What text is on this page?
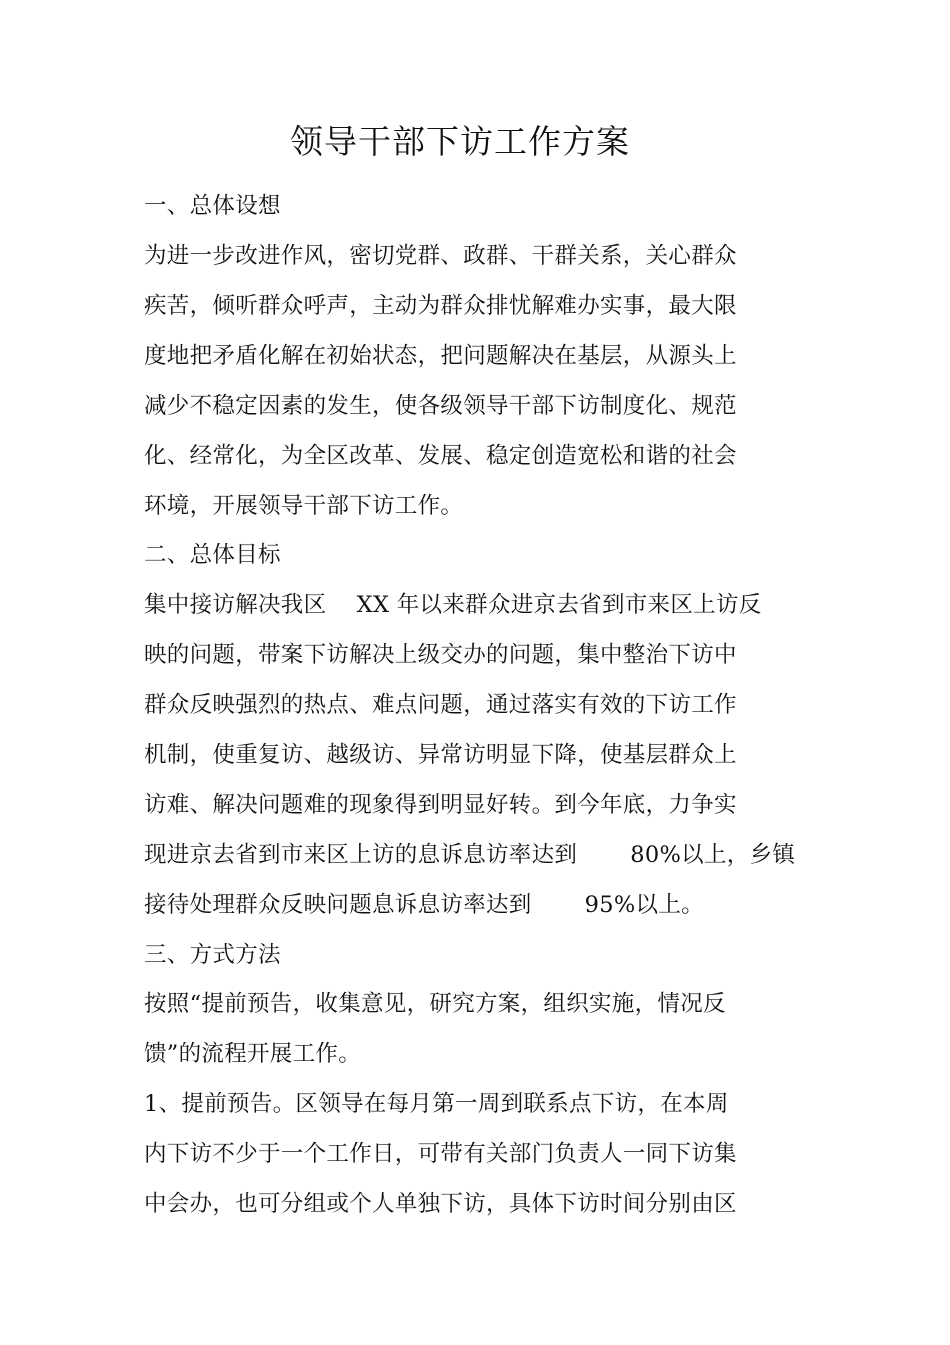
领导干部下访工作方案
一、总体设想
为进一步改进作风，密切党群、政群、干群关系，关心群众
疾苦，倾听群众呼声，主动为群众排忧解难办实事，最大限
度地把矛盾化解在初始状态，把问题解决在基层，从源头上
减少不稳定因素的发生，使各级领导干部下访制度化、规范
化、经常化，为全区改革、发展、稳定创造宽松和谐的社会
环境，开展领导干部下访工作。
二、总体目标
集中接访解决我区　 XX 年以来群众进京去省到市来区上访反
映的问题，带案下访解决上级交办的问题，集中整治下访中
群众反映强烈的热点、难点问题，通过落实有效的下访工作
机制，使重复访、越级访、异常访明显下降，使基层群众上
访难、解决问题难的现象得到明显好转。到今年底，力争实
现进京去省到市来区上访的息诉息访率达到　　 80%以上，乡镇
接待处理群众反映问题息诉息访率达到　　 95%以上。
三、方式方法
按照“提前预告，收集意见，研究方案，组织实施，情况反
馈”的流程开展工作。
1、提前预告。区领导在每月第一周到联系点下访，在本周
内下访不少于一个工作日，可带有关部门负责人一同下访集
中会办，也可分组或个人单独下访，具体下访时间分别由区
